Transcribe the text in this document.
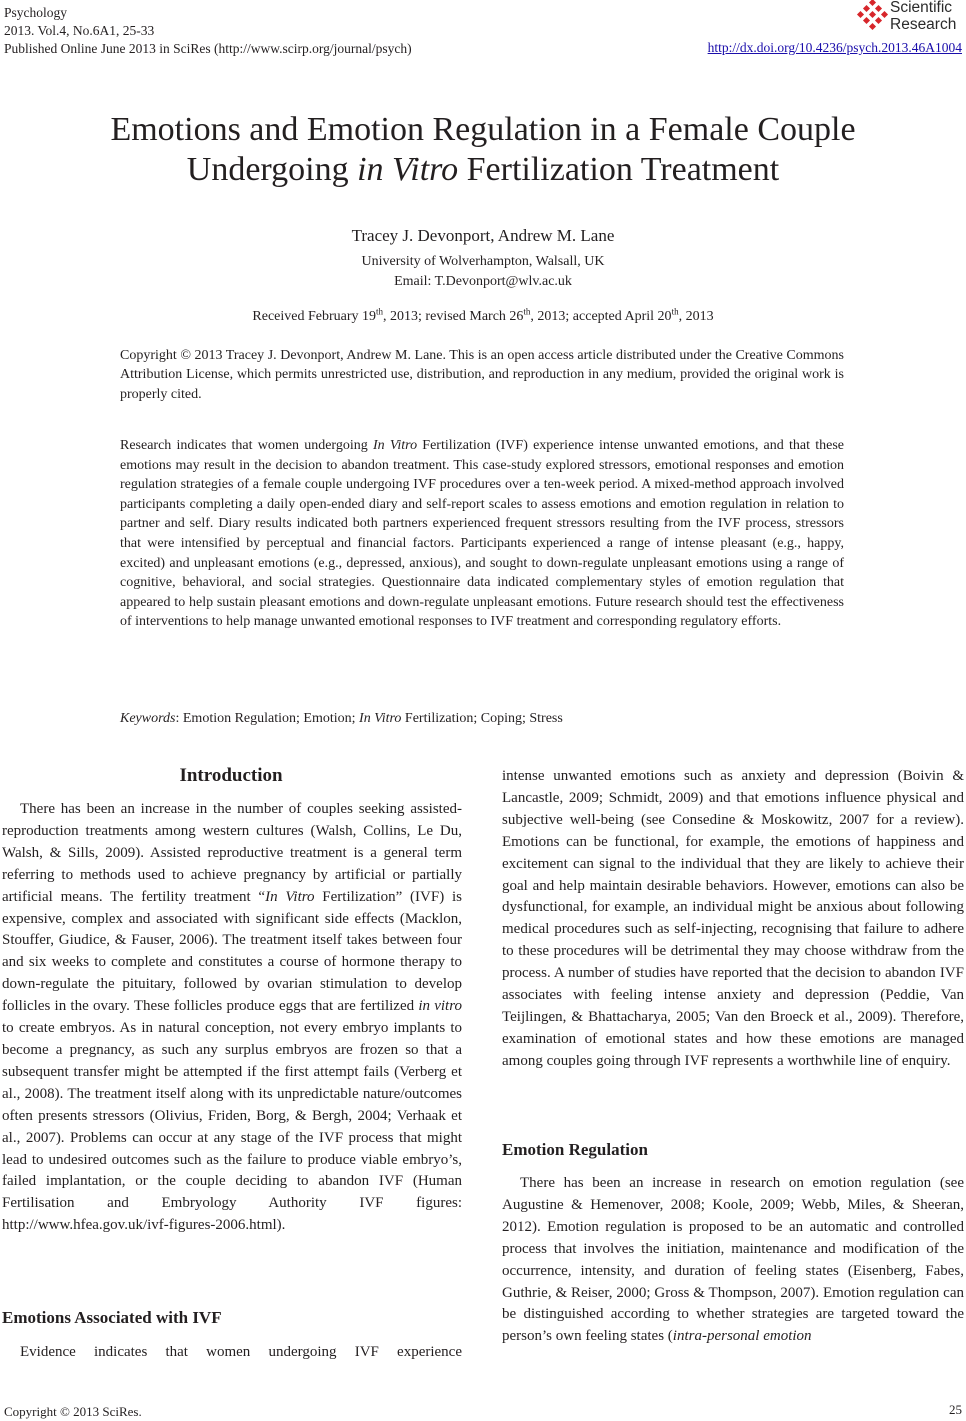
Psychology
2013. Vol.4, No.6A1, 25-33
Published Online June 2013 in SciRes (http://www.scirp.org/journal/psych)
Scientific
Research
http://dx.doi.org/10.4236/psych.2013.46A1004
Emotions and Emotion Regulation in a Female Couple
Undergoing in Vitro Fertilization Treatment
Tracey J. Devonport, Andrew M. Lane
University of Wolverhampton, Walsall, UK
Email: T.Devonport@wlv.ac.uk
Received February 19th, 2013; revised March 26th, 2013; accepted April 20th, 2013
Copyright © 2013 Tracey J. Devonport, Andrew M. Lane. This is an open access article distributed under the Creative Commons Attribution License, which permits unrestricted use, distribution, and reproduction in any medium, provided the original work is properly cited.
Research indicates that women undergoing In Vitro Fertilization (IVF) experience intense unwanted emotions, and that these emotions may result in the decision to abandon treatment. This case-study explored stressors, emotional responses and emotion regulation strategies of a female couple undergoing IVF procedures over a ten-week period. A mixed-method approach involved participants completing a daily open-ended diary and self-report scales to assess emotions and emotion regulation in relation to partner and self. Diary results indicated both partners experienced frequent stressors resulting from the IVF process, stressors that were intensified by perceptual and financial factors. Participants experienced a range of intense pleasant (e.g., happy, excited) and unpleasant emotions (e.g., depressed, anxious), and sought to down-regulate unpleasant emotions using a range of cognitive, behavioral, and social strategies. Questionnaire data indicated complementary styles of emotion regulation that appeared to help sustain pleasant emotions and down-regulate unpleasant emotions. Future research should test the effectiveness of interventions to help manage unwanted emotional responses to IVF treatment and corresponding regulatory efforts.
Keywords: Emotion Regulation; Emotion; In Vitro Fertilization; Coping; Stress
Introduction

There has been an increase in the number of couples seeking assisted-reproduction treatments among western cultures (Walsh, Collins, Le Du, Walsh, & Sills, 2009). Assisted reproductive treatment is a general term referring to methods used to achieve pregnancy by artificial or partially artificial means. The fertility treatment “In Vitro Fertilization” (IVF) is expensive, complex and associated with significant side effects (Macklon, Stouffer, Giudice, & Fauser, 2006). The treatment itself takes between four and six weeks to complete and constitutes a course of hormone therapy to down-regulate the pituitary, followed by ovarian stimulation to develop follicles in the ovary. These follicles produce eggs that are fertilized in vitro to create embryos. As in natural conception, not every embryo implants to become a pregnancy, as such any surplus embryos are frozen so that a subsequent transfer might be attempted if the first attempt fails (Verberg et al., 2008). The treatment itself along with its unpredictable nature/outcomes often presents stressors (Olivius, Friden, Borg, & Bergh, 2004; Verhaak et al., 2007). Problems can occur at any stage of the IVF process that might lead to undesired outcomes such as the failure to produce viable embryo’s, failed implantation, or the couple deciding to abandon IVF (Human Fertilisation and Embryology Authority IVF figures: http://www.hfea.gov.uk/ivf-figures-2006.html).

Emotions Associated with IVF

Evidence indicates that women undergoing IVF experience

intense unwanted emotions such as anxiety and depression (Boivin & Lancastle, 2009; Schmidt, 2009) and that emotions influence physical and subjective well-being (see Consedine & Moskowitz, 2007 for a review). Emotions can be functional, for example, the emotions of happiness and excitement can signal to the individual that they are likely to achieve their goal and help maintain desirable behaviors. However, emotions can also be dysfunctional, for example, an individual might be anxious about following medical procedures such as self-injecting, recognising that failure to adhere to these procedures will be detrimental they may choose withdraw from the process. A number of studies have reported that the decision to abandon IVF associates with feeling intense anxiety and depression (Peddie, Van Teijlingen, & Bhattacharya, 2005; Van den Broeck et al., 2009). Therefore, examination of emotional states and how these emotions are managed among couples going through IVF represents a worthwhile line of enquiry.

Emotion Regulation

There has been an increase in research on emotion regulation (see Augustine & Hemenover, 2008; Koole, 2009; Webb, Miles, & Sheeran, 2012). Emotion regulation is proposed to be an automatic and controlled process that involves the initiation, maintenance and modification of the occurrence, intensity, and duration of feeling states (Eisenberg, Fabes, Guthrie, & Reiser, 2000; Gross & Thompson, 2007). Emotion regulation can be distinguished according to whether strategies are targeted toward the person’s own feeling states (intra-personal emotion

Copyright © 2013 SciRes.	25
